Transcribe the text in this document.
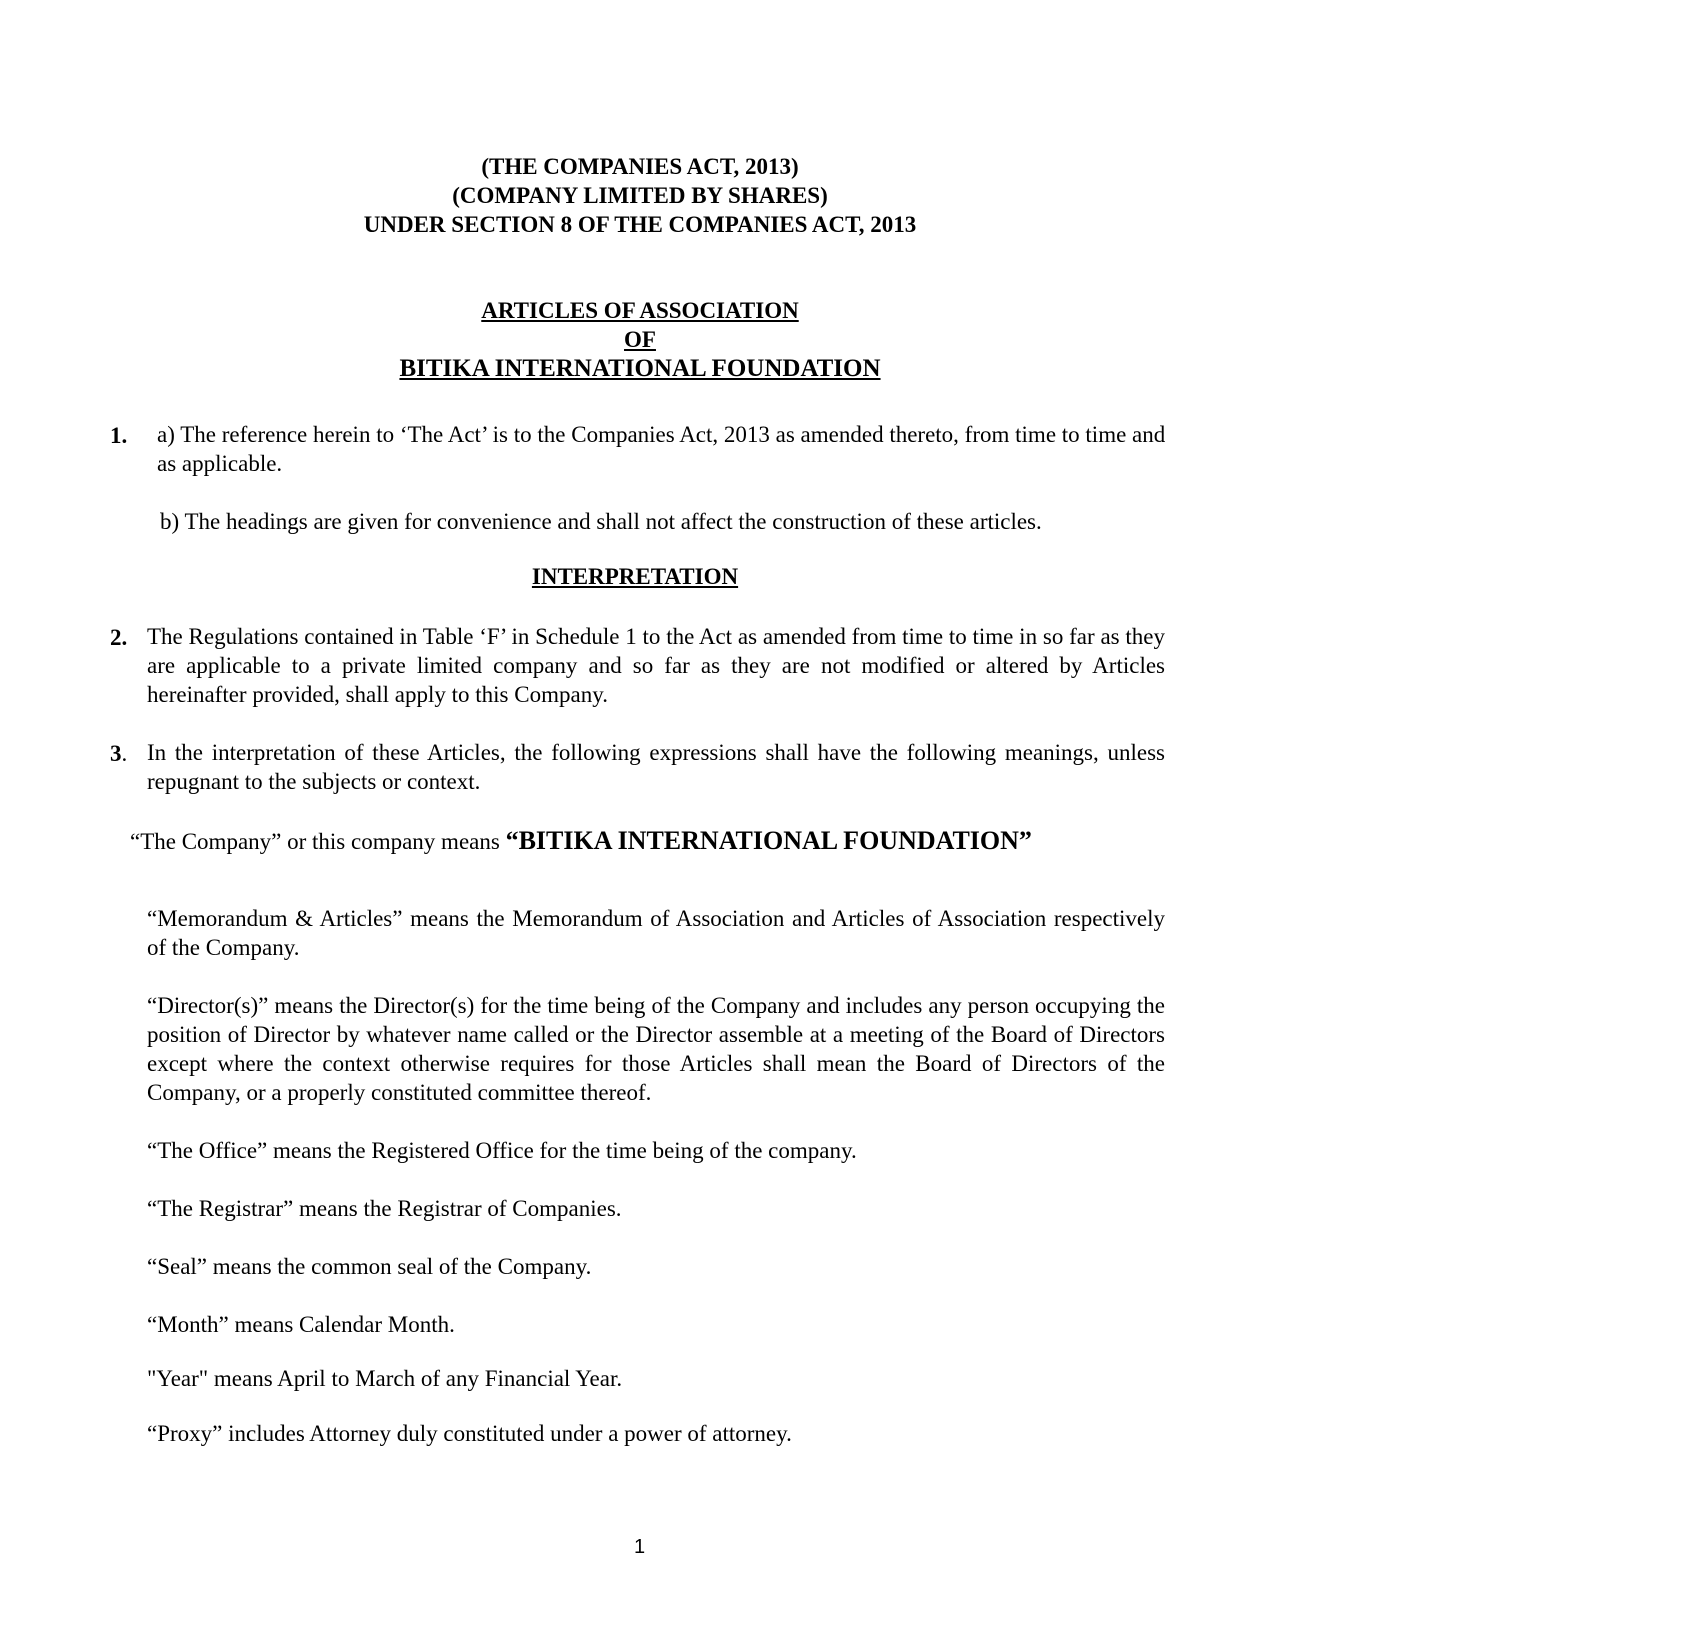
(THE COMPANIES ACT, 2013)
(COMPANY LIMITED BY SHARES)
UNDER SECTION 8 OF THE COMPANIES ACT, 2013
ARTICLES OF ASSOCIATION
OF
BITIKA INTERNATIONAL FOUNDATION
1. a) The reference herein to ‘The Act’ is to the Companies Act, 2013 as amended thereto, from time to time and as applicable.

b) The headings are given for convenience and shall not affect the construction of these articles.

INTERPRETATION
2. The Regulations contained in Table ‘F’ in Schedule 1 to the Act as amended from time to time in so far as they are applicable to a private limited company and so far as they are not modified or altered by Articles hereinafter provided, shall apply to this Company.

3. In the interpretation of these Articles, the following expressions shall have the following meanings, unless repugnant to the subjects or context.

“The Company” or this company means “BITIKA INTERNATIONAL FOUNDATION”

“Memorandum & Articles” means the Memorandum of Association and Articles of Association respectively of the Company.

“Director(s)” means the Director(s) for the time being of the Company and includes any person occupying the position of Director by whatever name called or the Director assemble at a meeting of the Board of Directors except where the context otherwise requires for those Articles shall mean the Board of Directors of the Company, or a properly constituted committee thereof.

“The Office” means the Registered Office for the time being of the company.

“The Registrar” means the Registrar of Companies.

“Seal” means the common seal of the Company.

“Month” means Calendar Month.

"Year" means April to March of any Financial Year.

“Proxy” includes Attorney duly constituted under a power of attorney.

1
